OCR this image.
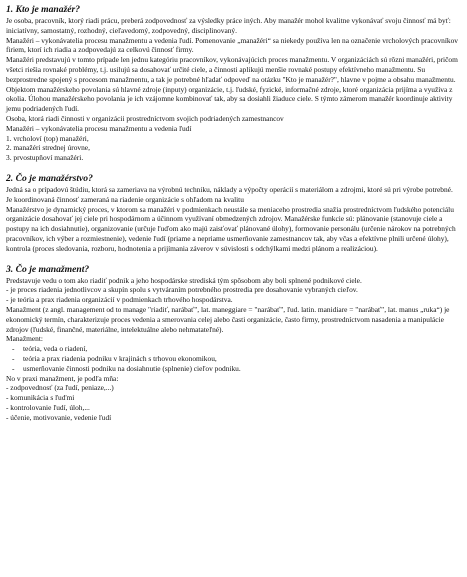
1. Kto je manažér?

Je osoba, pracovník, ktorý riadi prácu, preberá zodpovednosť za výsledky práce iných. Aby manažér mohol kvalitne vykonávať svoju činnosť má byť: iniciatívny, samostatný, rozhodný, cieľavedomý, zodpovedný, disciplinovaný.

Manažéri – vykonávatelia procesu manažmentu a vedenia ľudí. Pomenovanie „manažéri“ sa niekedy používa len na označenie vrcholových pracovníkov firiem, ktorí ich riadia a zodpovedajú za celkovú činnosť firmy.

Manažéri predstavujú v tomto prípade len jednu kategóriu pracovníkov, vykonávajúcich proces manažmentu. V organizáciách sú rôzni manažéri, pričom všetci riešia rovnaké problémy, t.j. usilujú sa dosahovať určité ciele, a činnosti aplikujú menšie rovnaké postupy efektívneho manažmentu. Su bezprostredne spojený s procesom manažmentu, a tak je potrebné hľadať odpoveď na otázku "Kto je manažér?", hlavne v pojme a obsahu manažmentu. Objektom manažérskeho povolania sú hlavné zdroje (inputy) organizácie, t.j. ľudské, fyzické, informačné zdroje, ktoré organizácia prijíma a využíva z okolia. Úlohou manažérskeho povolania je ich vzájomne kombinovať tak, aby sa dosiahli žiaduce ciele. S týmto zámerom manažér koordinuje aktivity jemu podriadených ľudí.

Osoba, ktorá riadi činnosti v organizácii prostredníctvom svojich podriadených zamestnancov

Manažéri – vykonávatelia procesu manažmentu a vedenia ľudí

1. vrcholoví (top) manažéri,

2. manažéri strednej úrovne,

3. prvostupňoví manažéri.

2. Čo je manažérstvo?

Jedná sa o prípadovú štúdiu, ktorá sa zameriava na výrobnú techniku, náklady a výpočty operácií s materiálom a zdrojmi, ktoré sú pri výrobe potrebné.

Je koordinovaná činnosť zameraná na riadenie organizácie s ohľadom na kvalitu

Manažérstvo je dynamický proces, v ktorom sa manažéri v podmienkach neustále sa meniaceho prostredia snažia prostredníctvom ľudského potenciálu organizácie dosahovať jej ciele pri hospodárnom a účinnom využívaní obmedzených zdrojov. Manažérske funkcie sú: plánovanie (stanovuje ciele a postupy na ich dosiahnutie), organizovanie (určuje ľuďom ako majú zaisťovať plánované úlohy), formovanie personálu (určenie nárokov na potrebných pracovníkov, ich výber a rozmiestnenie), vedenie ľudí (priame a nepriame usmerňovanie zamestnancov tak, aby včas a efektívne plnili určené úlohy), kontrola (proces sledovania, rozboru, hodnotenia a prijímania záverov v súvislosti s odchýlkami medzi plánom a realizáciou).

3. Čo je manažment?

Predstavuje vedu o tom ako riadiť podnik a jeho hospodárske strediská tým spôsobom aby boli splnené podnikové ciele.

- je proces riadenia jednotlivcov a skupín spolu s vytváraním potrebného prostredia pre dosahovanie vybraných cieľov.

- je teória a prax riadenia organizácií v podmienkach trhového hospodárstva.

Manažment (z angl. management od to manage "riadiť, narábať", lat. maneggiare = "narábať", ľud. latin. manidiare = "narábať", lat. manus „ruka“) je ekonomický termín, charakterizuje proces vedenia a smerovania celej alebo časti organizácie, často firmy, prostredníctvom nasadenia a manipulácie zdrojov (ľudské, finančné, materiálne, intelektuálne alebo nehmatateľné).

Manažment:

- teória, veda o riadení,
- teória a prax riadenia podniku v krajinách s trhovou ekonomikou,
- usmerňovanie činnosti podniku na dosiahnutie (splnenie) cieľov podniku.

No v praxi manažment, je podľa mňa:

- zodpovednosť (za ľudí, peniaze,...)

- komunikácia s ľuďmi

- kontrolovanie ľudí, úloh,...

- účenie, motivovanie, vedenie ľudí
